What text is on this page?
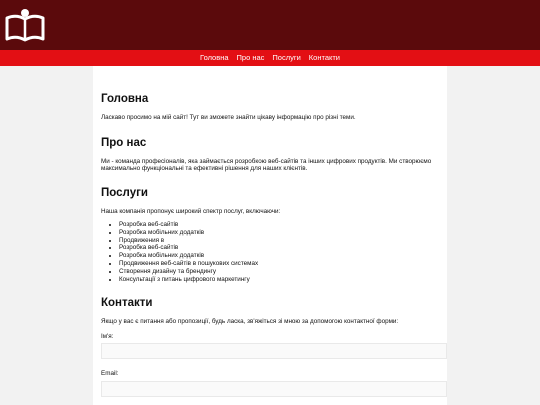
Головна Про нас Послуги Контакти
Головна

Ласкаво просимо на мій сайт! Тут ви зможете знайти цікаву інформацію про різні теми.

Про нас

Ми - команда професіоналів, яка займається розробкою веб-сайтів та інших цифрових продуктів. Ми створюємо максимально функціональні та ефективні рішення для наших клієнтів.

Послуги

Наша компанія пропонує широкий спектр послуг, включаючи:

• Розробка веб-сайтів
• Розробка мобільних додатків
• Продвижения в
• Розробка веб-сайтів
• Розробка мобільних додатків
• Продвиження веб-сайтів в пошукових системах
• Створення дизайну та брендингу
• Консультації з питань цифрового маркетингу
Контакти

Якщо у вас є питання або пропозиції, будь ласка, зв'яжіться зі мною за допомогою контактної форми:

Ім'я:
Email:
